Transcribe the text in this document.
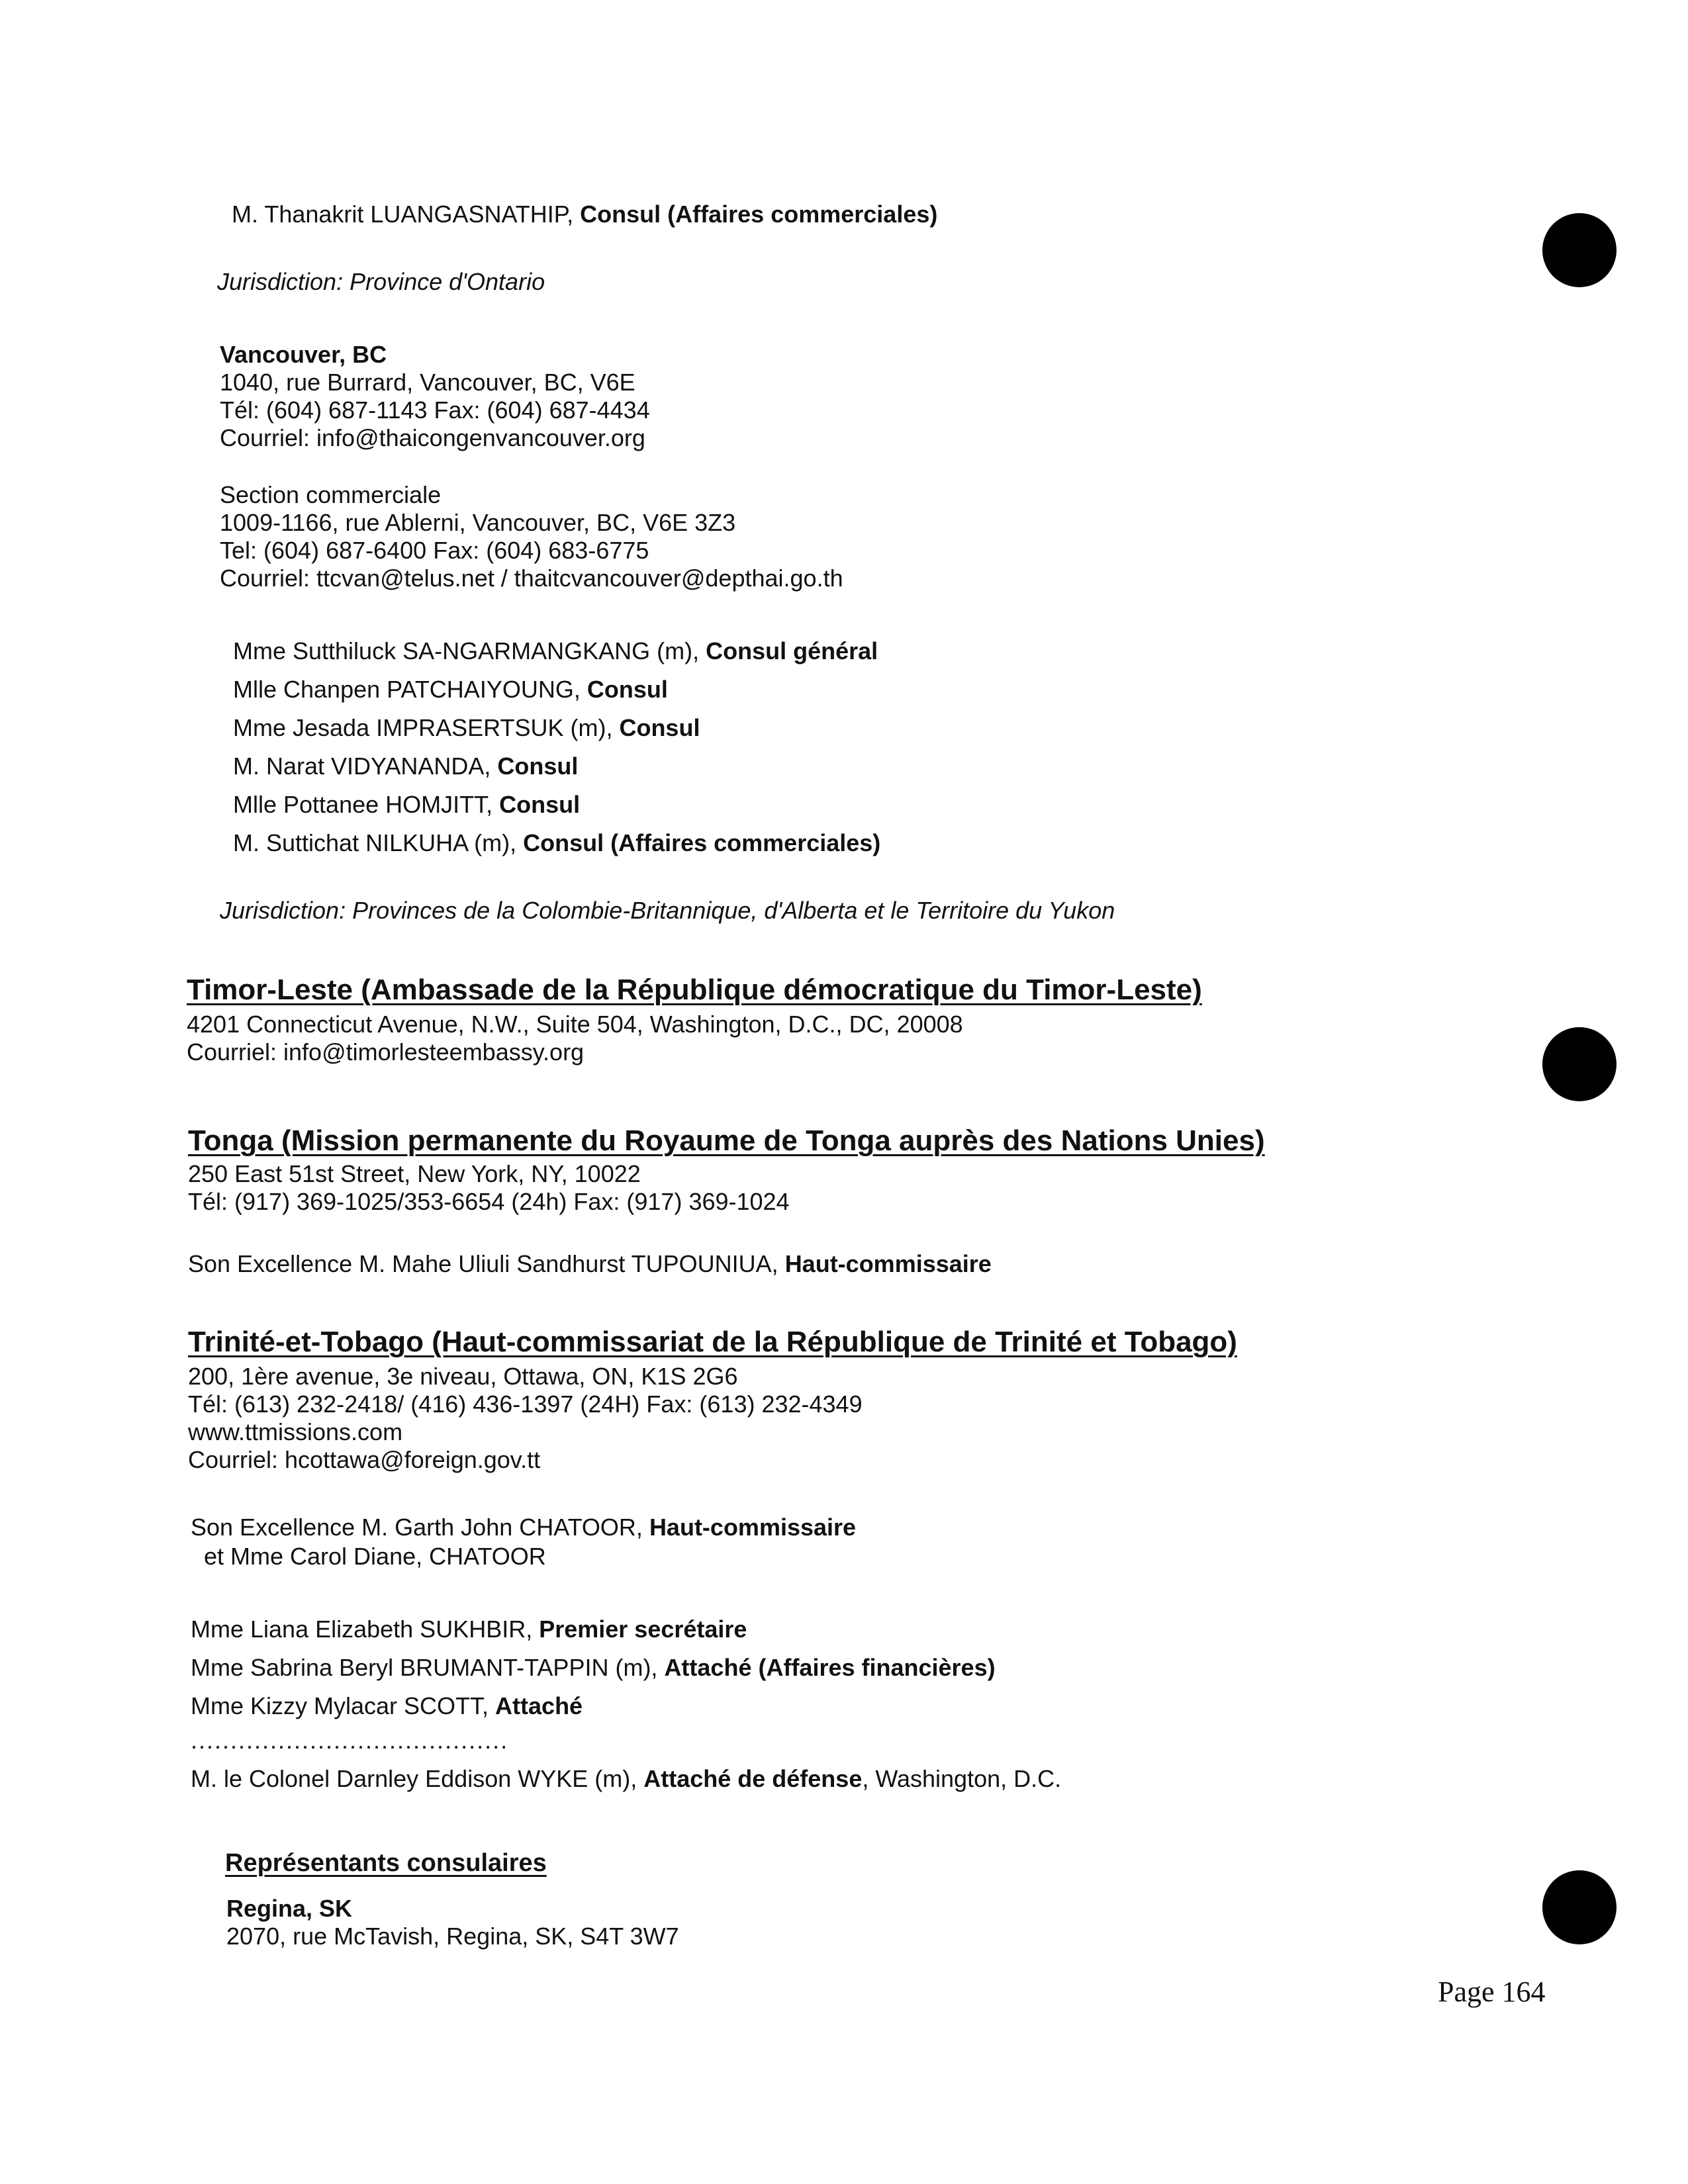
M. Thanakrit LUANGASNATHIP, Consul (Affaires commerciales)
Jurisdiction: Province d'Ontario
Vancouver, BC
1040, rue Burrard, Vancouver, BC, V6E
Tél: (604) 687-1143 Fax: (604) 687-4434
Courriel: info@thaicongenvancouver.org
Section commerciale
1009-1166, rue Ablerni, Vancouver, BC, V6E 3Z3
Tel: (604) 687-6400 Fax: (604) 683-6775
Courriel: ttcvan@telus.net / thaitcvancouver@depthai.go.th
Mme Sutthiluck SA-NGARMANGKANG (m), Consul général
Mlle Chanpen PATCHAIYOUNG, Consul
Mme Jesada IMPRASERTSUK (m), Consul
M. Narat VIDYANANDA, Consul
Mlle Pottanee HOMJITT, Consul
M. Suttichat NILKUHA (m), Consul (Affaires commerciales)
Jurisdiction: Provinces de la Colombie-Britannique, d'Alberta et le Territoire du Yukon
Timor-Leste (Ambassade de la République démocratique du Timor-Leste)
4201 Connecticut Avenue, N.W., Suite 504, Washington, D.C., DC, 20008
Courriel: info@timorlesteembassy.org
Tonga (Mission permanente du Royaume de Tonga auprès des Nations Unies)
250 East 51st Street, New York, NY, 10022
Tél: (917) 369-1025/353-6654 (24h) Fax: (917) 369-1024
Son Excellence M. Mahe Uliuli Sandhurst TUPOUNIUA, Haut-commissaire
Trinité-et-Tobago (Haut-commissariat de la République de Trinité et Tobago)
200, 1ère avenue, 3e niveau, Ottawa, ON, K1S 2G6
Tél: (613) 232-2418/ (416) 436-1397 (24H) Fax: (613) 232-4349
www.ttmissions.com
Courriel: hcottawa@foreign.gov.tt
Son Excellence M. Garth John CHATOOR, Haut-commissaire
et Mme Carol Diane, CHATOOR
Mme Liana Elizabeth SUKHBIR, Premier secrétaire
Mme Sabrina Beryl BRUMANT-TAPPIN (m), Attaché (Affaires financières)
Mme Kizzy Mylacar SCOTT, Attaché
........................................
M. le Colonel Darnley Eddison WYKE (m), Attaché de défense, Washington, D.C.
Représentants consulaires
Regina, SK
2070, rue McTavish, Regina, SK, S4T 3W7
Page 164
